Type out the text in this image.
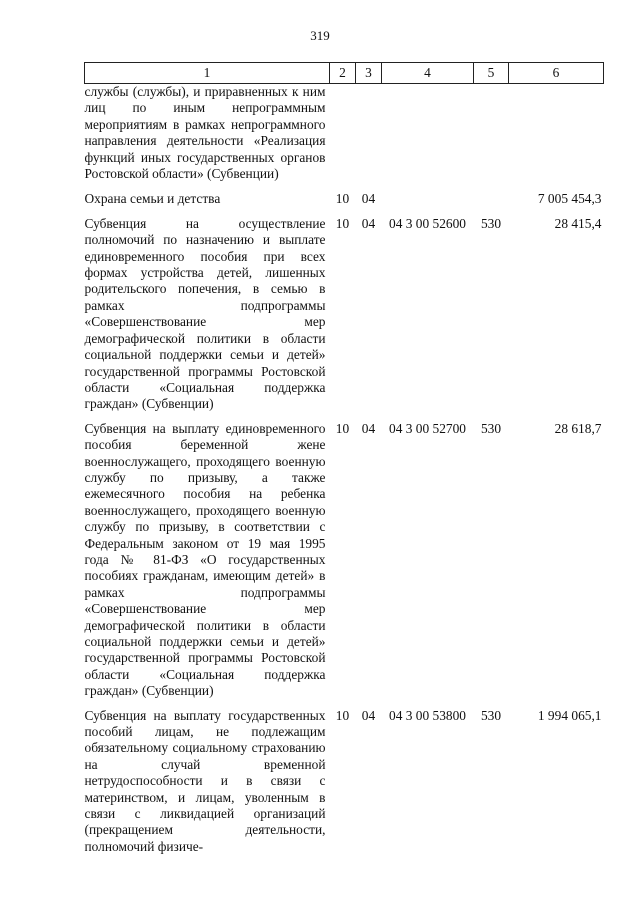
319
1	2	3	4	5	6
службы (службы), и приравненных к ним лиц по иным непрограммным мероприятиям в рамках непрограммного направления деятельности «Реализация функций иных государственных органов Ростовской области» (Субвенции)					

Охрана семьи и детства	10	04			7 005 454,3

Субвенция на осуществление полномочий по назначению и выплате единовременного пособия при всех формах устройства детей, лишенных родительского попечения, в семью в рамках подпрограммы «Совершенствование мер демографической политики в области социальной поддержки семьи и детей» государственной программы Ростовской области «Социальная поддержка граждан» (Субвенции)	10	04	04 3 00 52600	530	28 415,4

Субвенция на выплату единовременного пособия беременной жене военнослужащего, проходящего военную службу по призыву, а также ежемесячного пособия на ребенка военнослужащего, проходящего военную службу по призыву, в соответствии с Федеральным законом от 19 мая 1995 года № 81-ФЗ «О государственных пособиях гражданам, имеющим детей» в рамках подпрограммы «Совершенствование мер демографической политики в области социальной поддержки семьи и детей» государственной программы Ростовской области «Социальная поддержка граждан» (Субвенции)	10	04	04 3 00 52700	530	28 618,7

Субвенция на выплату государственных пособий лицам, не подлежащим обязательному социальному страхованию на случай временной нетрудоспособности и в связи с материнством, и лицам, уволенным в связи с ликвидацией организаций (прекращением деятельности, полномочий физиче-	10	04	04 3 00 53800	530	1 994 065,1
